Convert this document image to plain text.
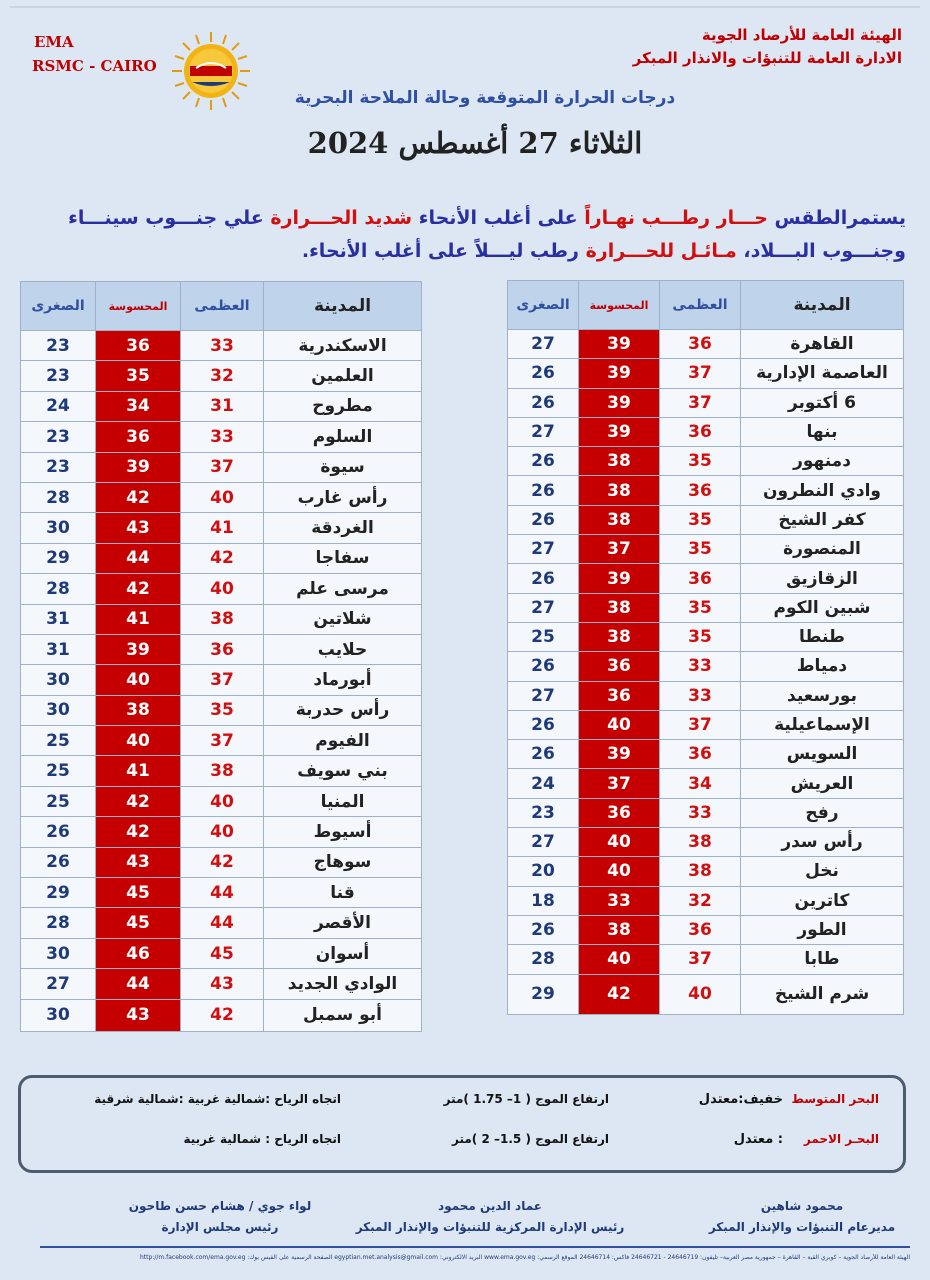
EMA
RSMC - CAIRO
الهيئة العامة للأرصاد الجوية
الادارة العامة للتنبؤات والانذار المبكر
درجات الحرارة المتوقعة وحالة الملاحة البحرية
الثلاثاء 27 أغسطس 2024
يستمرالطقس حـــار رطـــب نهـاراً على أغلب الأنحاء شديد الحـــرارة علي جنـــوب سينـــاء وجنـــوب البـــلاد، مـائـل للحـــرارة رطب ليـــلاً على أغلب الأنحاء.
المدينة	العظمى	المحسوسة	الصغرى
القاهرة	36	39	27
العاصمة الإدارية	37	39	26
6 أكتوبر	37	39	26
بنها	36	39	27
دمنهور	35	38	26
وادي النطرون	36	38	26
كفر الشيخ	35	38	26
المنصورة	35	37	27
الزقازيق	36	39	26
شبين الكوم	35	38	27
طنطا	35	38	25
دمياط	33	36	26
بورسعيد	33	36	27
الإسماعيلية	37	40	26
السويس	36	39	26
العريش	34	37	24
رفح	33	36	23
رأس سدر	38	40	27
نخل	38	40	20
كاترين	32	33	18
الطور	36	38	26
طابا	37	40	28
شرم الشيخ	40	42	29
المدينة	العظمى	المحسوسة	الصغرى
الاسكندرية	33	36	23
العلمين	32	35	23
مطروح	31	34	24
السلوم	33	36	23
سيوة	37	39	23
رأس غارب	40	42	28
الغردقة	41	43	30
سفاجا	42	44	29
مرسى علم	40	42	28
شلاتين	38	41	31
حلايب	36	39	31
أبورماد	37	40	30
رأس حدربة	35	38	30
الفيوم	37	40	25
بني سويف	38	41	25
المنيا	40	42	25
أسيوط	40	42	26
سوهاج	42	43	26
قنا	44	45	29
الأقصر	44	45	28
أسوان	45	46	30
الوادي الجديد	43	44	27
أبو سمبل	42	43	30
البحر المتوسط
خفيف:معتدل
ارتفاع الموج ( 1– 1.75 )متر
اتجاه الرياح :شمالية غربية :شمالية شرقية
البحـر الاحمر
: معتدل
ارتفاع الموج ( 1.5– 2 )متر
اتجاه الرياح : شمالية غربية
محمود شاهين
مديرعام التنبؤات والإنذار المبكر
عماد الدين محمود
رئيس الإدارة المركزية للتنبؤات والإنذار المبكر
لواء جوي / هشام حسن طاحون
رئيس مجلس الإدارة
الهيئة العامة للأرصاد الجوية – كوبري القبة – القاهرة – جمهورية مصر العربية– تليفون: 24646719 - 24646721 فاكس: 24646714 الموقع الرسمي: www.ema.gov.eg البريد الالكتروني: egyptian.met.analysis@gmail.com الصفحة الرسمية على الفيس بوك: http://m.facebook.com/ema.gov.eg
